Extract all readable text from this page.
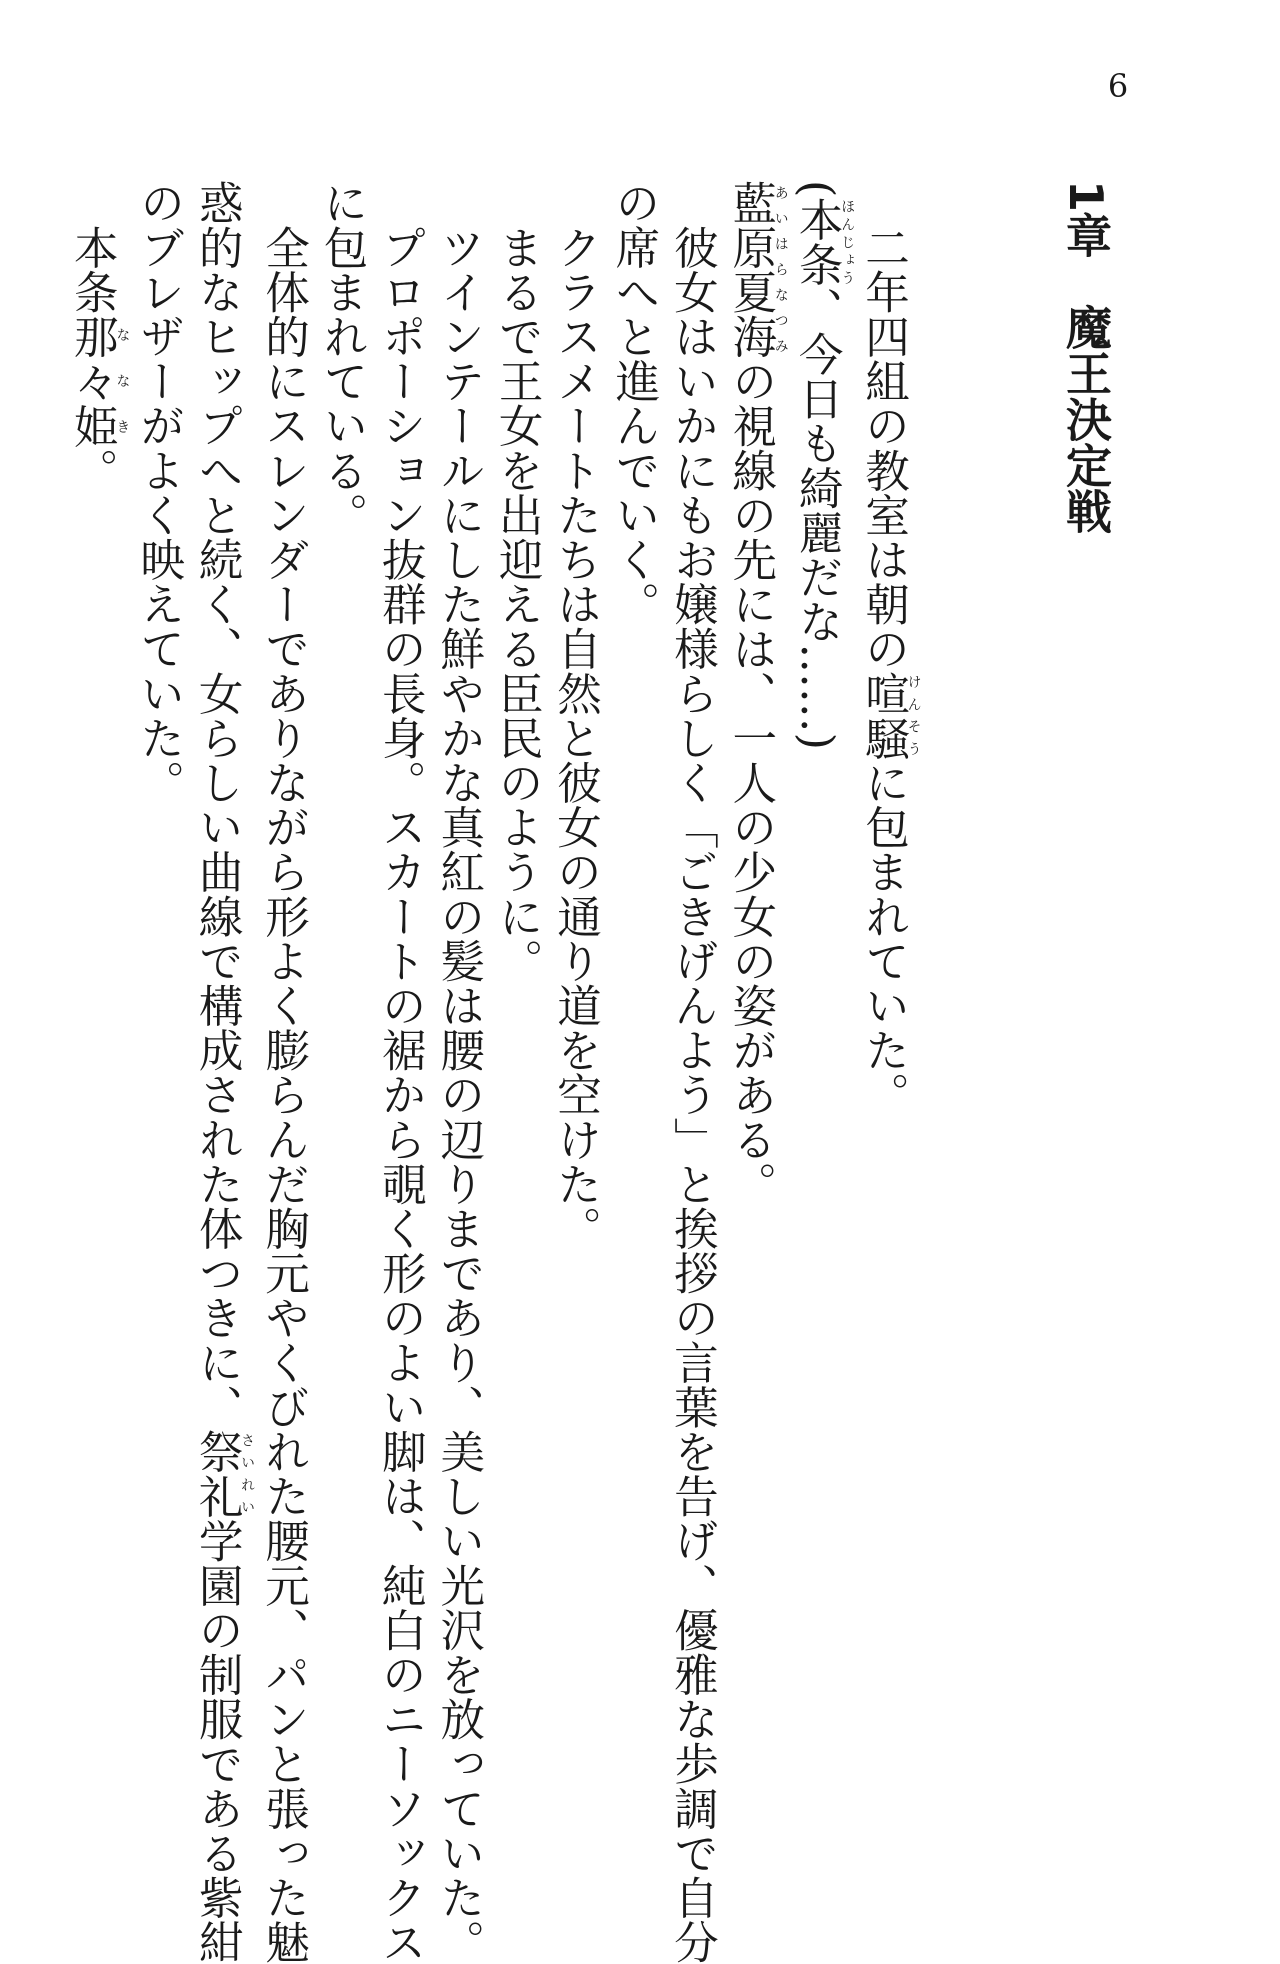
6
1章魔王決定戦
二年四組の教室は朝の喧騒けんそうに包まれていた。
(本条ほんじょう、今日も綺麗だな……)
藍原夏海あいはらなつみの視線の先には、一人の少女の姿がある。
彼女はいかにもお嬢様らしく「ごきげんよう」と挨拶の言葉を告げ、優雅な歩調で自分
の席へと進んでいく。
クラスメートたちは自然と彼女の通り道を空けた。
まるで王女を出迎える臣民のように。
ツインテールにした鮮やかな真紅の髪は腰の辺りまであり、美しい光沢を放っていた。
プロポーション抜群の長身。スカートの裾から覗く形のよい脚は、純白のニーソックス
に包まれている。
全体的にスレンダーでありながら形よく膨らんだ胸元やくびれた腰元、パンと張った魅
惑的なヒップへと続く、女らしい曲線で構成された体つきに、祭礼さいれい学園の制服である紫紺
のブレザーがよく映えていた。
本条那々姫ななき。
